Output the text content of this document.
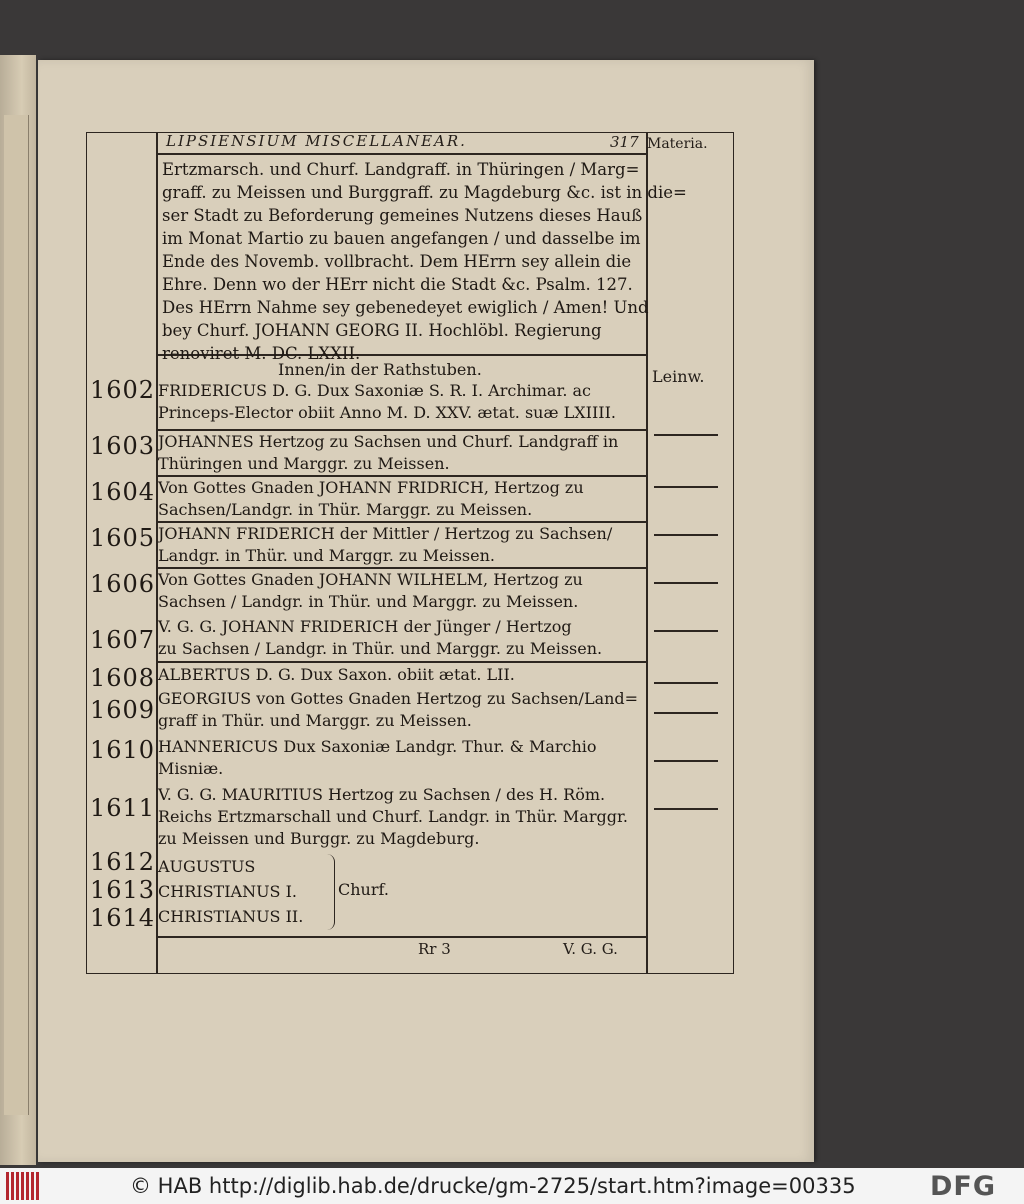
LIPSIENSIUM MISCELLANEAR.	317 Materia.
Ertzmarsch. und Churf. Landgraff. in Thüringen / Marg=
graff. zu Meissen und Burggraff. zu Magdeburg &c. ist in die=
ser Stadt zu Beforderung gemeines Nutzens dieses Hauß
im Monat Martio zu bauen angefangen / und dasselbe im
Ende des Novemb. vollbracht. Dem HErrn sey allein die
Ehre. Denn wo der HErr nicht die Stadt &c. Psalm. 127.
Des HErrn Nahme sey gebenedeyet ewiglich / Amen! Und
bey Churf. JOHANN GEORG II. Hochlöbl. Regierung
renoviret M. DC. LXXII.
Innen/in der Rathstuben.	Leinw.
1602 FRIDERICUS D. G. Dux Saxoniæ S. R. I. Archimar. ac
Princeps-Elector obiit Anno M. D. XXV. ætat. suæ LXIIII.
1603 JOHANNES Hertzog zu Sachsen und Churf. Landgraff in
Thüringen und Marggr. zu Meissen.
1604 Von Gottes Gnaden JOHANN FRIDRICH, Hertzog zu
Sachsen/Landgr. in Thür. Marggr. zu Meissen.
1605 JOHANN FRIDERICH der Mittler / Hertzog zu Sachsen/
Landgr. in Thür. und Marggr. zu Meissen.
1606 Von Gottes Gnaden JOHANN WILHELM, Hertzog zu
Sachsen / Landgr. in Thür. und Marggr. zu Meissen.
1607 V. G. G. JOHANN FRIDERICH der Jünger / Hertzog
zu Sachsen / Landgr. in Thür. und Marggr. zu Meissen.
1608 ALBERTUS D. G. Dux Saxon. obiit ætat. LII.
1609 GEORGIUS von Gottes Gnaden Hertzog zu Sachsen/Land=
graff in Thür. und Marggr. zu Meissen.
1610 HANNERICUS Dux Saxoniæ Landgr. Thur. & Marchio
Misniæ.
1611 V. G. G. MAURITIUS Hertzog zu Sachsen / des H. Röm.
Reichs Ertzmarschall und Churf. Landgr. in Thür. Marggr.
zu Meissen und Burggr. zu Magdeburg.
1612 AUGUSTUS
1613 CHRISTIANUS I.
1614 CHRISTIANUS II.
Churf.
Rr 3	V. G. G.
© HAB http://diglib.hab.de/drucke/gm-2725/start.htm?image=00335	DFG
